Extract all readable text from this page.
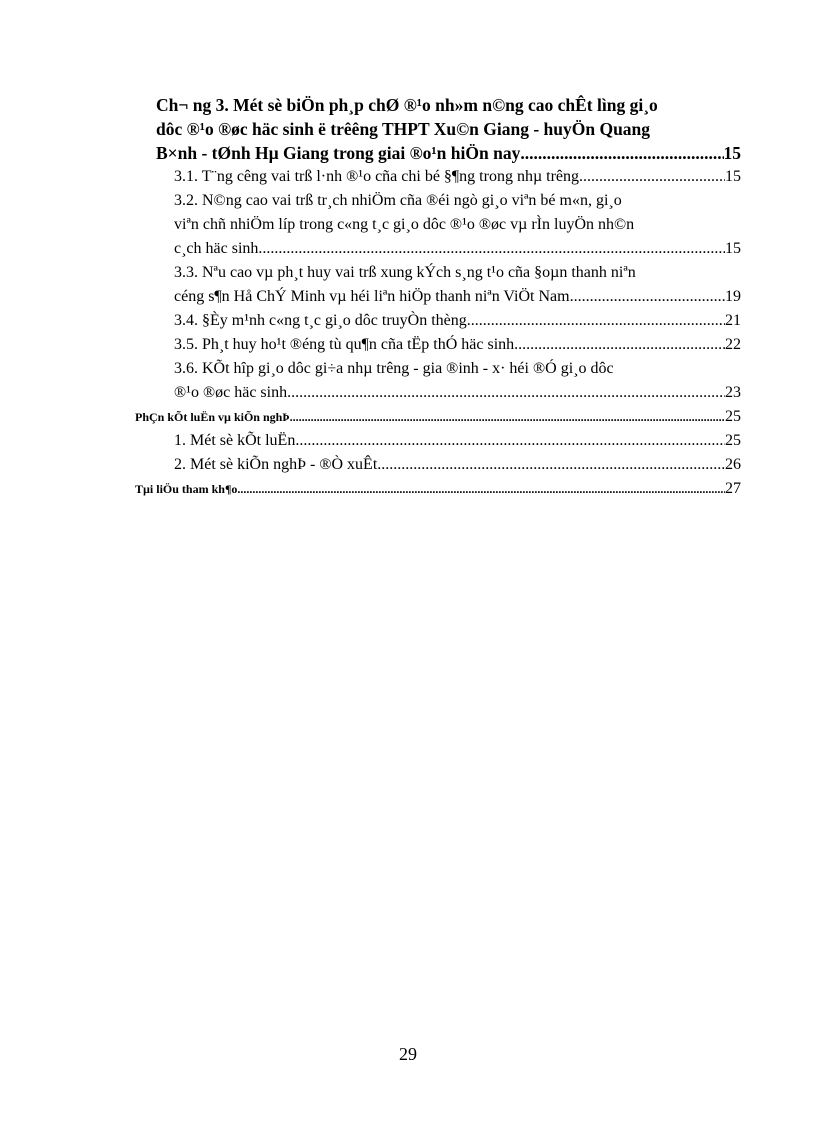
Ch¬ ng 3. Mét sè biÖn ph¸p chØ ®¹o nh»m n©ng cao chÊt lìng gi¸o
dôc ®¹o ®øc häc sinh ë trêêng THPT Xu©n Giang - huyÖn Quang
B×nh - tØnh Hµ Giang trong giai ®o¹n hiÖn nay .....	15
3.1. T¨ng cêng vai trß l·nh ®¹o cña chi bé §¶ng trong nhµ trêng. .....	15
3.2. N©ng cao vai trß tr¸ch nhiÖm cña ®éi ngò gi¸o viªn bé m«n, gi¸o
viªn chñ nhiÖm líp trong c«ng t¸c gi¸o dôc ®¹o ®øc vµ rÌn luyÖn nh©n
c¸ch häc sinh. .....	15
3.3. Nªu cao vµ ph¸t huy vai trß xung kÝch s¸ng t¹o cña §oµn thanh niªn
céng s¶n Hå ChÝ Minh vµ héi liªn hiÖp thanh niªn ViÖt Nam. .....	19
3.4. §Èy m¹nh c«ng t¸c gi¸o dôc truyÒn thèng. .....	21
3.5. Ph¸t huy ho¹t ®éng tù qu¶n cña tËp thÓ häc sinh. .....	22
3.6. KÕt hîp gi¸o dôc gi÷a nhµ trêng - gia ®inh - x· héi ®Ó gi¸o dôc
®¹o ®øc häc sinh. .....	23
PhÇn kÕt luËn vµ kiÕn nghÞ .....	25
1. Mét sè kÕt luËn .....	25
2. Mét sè kiÕn nghÞ - ®Ò xuÊt. .....	26
Tµi liÖu tham kh¶o .....	27
29
